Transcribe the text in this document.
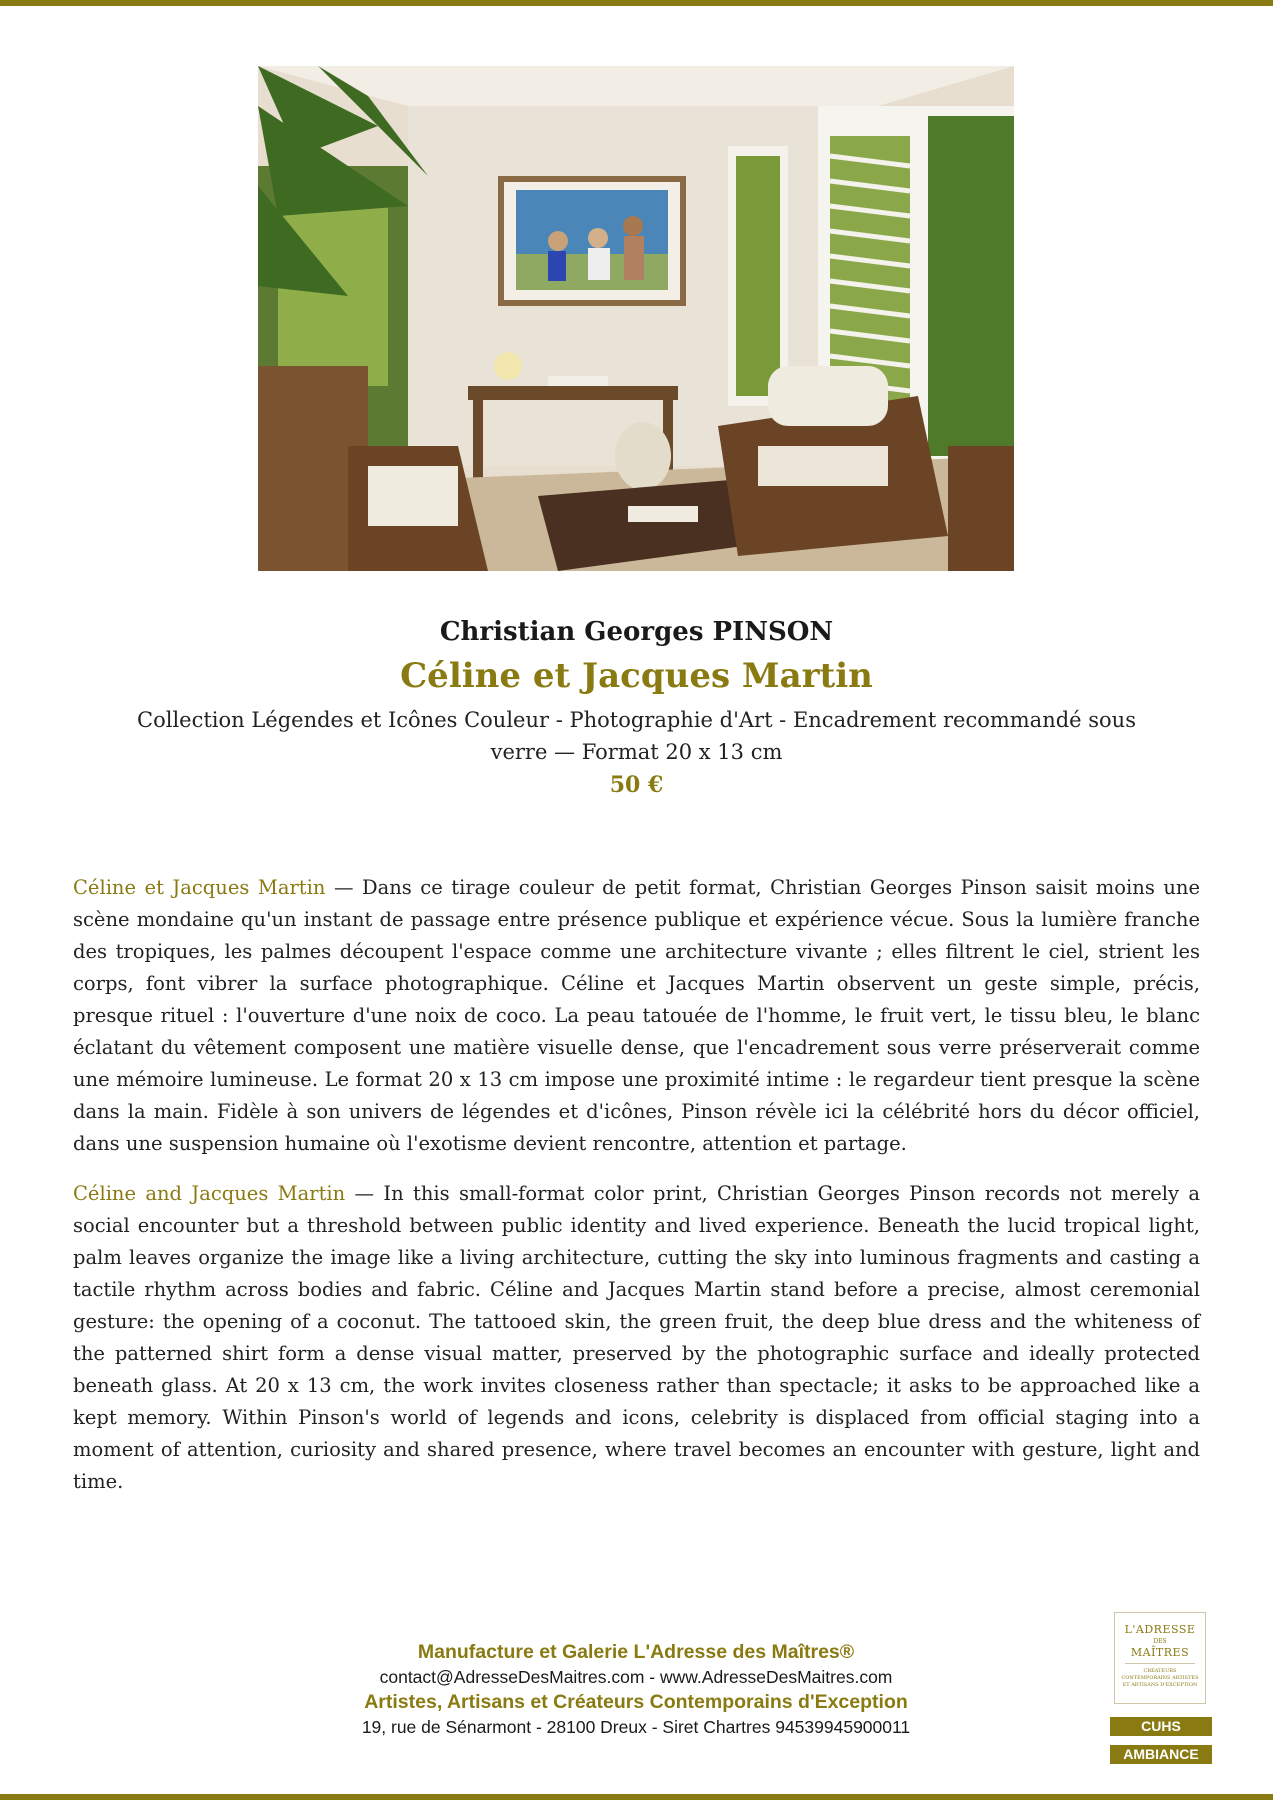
Christian Georges PINSON
Céline et Jacques Martin
Collection Légendes et Icônes Couleur - Photographie d'Art - Encadrement recommandé sous verre — Format 20 x 13 cm
50 €

Céline et Jacques Martin — Dans ce tirage couleur de petit format, Christian Georges Pinson saisit moins une scène mondaine qu'un instant de passage entre présence publique et expérience vécue. Sous la lumière franche des tropiques, les palmes découpent l'espace comme une architecture vivante ; elles filtrent le ciel, strient les corps, font vibrer la surface photographique. Céline et Jacques Martin observent un geste simple, précis, presque rituel : l'ouverture d'une noix de coco. La peau tatouée de l'homme, le fruit vert, le tissu bleu, le blanc éclatant du vêtement composent une matière visuelle dense, que l'encadrement sous verre préserverait comme une mémoire lumineuse. Le format 20 x 13 cm impose une proximité intime : le regardeur tient presque la scène dans la main. Fidèle à son univers de légendes et d'icônes, Pinson révèle ici la célébrité hors du décor officiel, dans une suspension humaine où l'exotisme devient rencontre, attention et partage.

Céline and Jacques Martin — In this small-format color print, Christian Georges Pinson records not merely a social encounter but a threshold between public identity and lived experience. Beneath the lucid tropical light, palm leaves organize the image like a living architecture, cutting the sky into luminous fragments and casting a tactile rhythm across bodies and fabric. Céline and Jacques Martin stand before a precise, almost ceremonial gesture: the opening of a coconut. The tattooed skin, the green fruit, the deep blue dress and the whiteness of the patterned shirt form a dense visual matter, preserved by the photographic surface and ideally protected beneath glass. At 20 x 13 cm, the work invites closeness rather than spectacle; it asks to be approached like a kept memory. Within Pinson's world of legends and icons, celebrity is displaced from official staging into a moment of attention, curiosity and shared presence, where travel becomes an encounter with gesture, light and time.

Manufacture et Galerie L'Adresse des Maîtres®
contact@AdresseDesMaitres.com - www.AdresseDesMaitres.com
Artistes, Artisans et Créateurs Contemporains d'Exception
19, rue de Sénarmont - 28100 Dreux - Siret Chartres 94539945900011
L'ADRESSE
DES
MAÎTRES
CRÉATEURS CONTEMPORAINS ARTISTES ET ARTISANS D'EXCEPTION
CUHS
AMBIANCE
